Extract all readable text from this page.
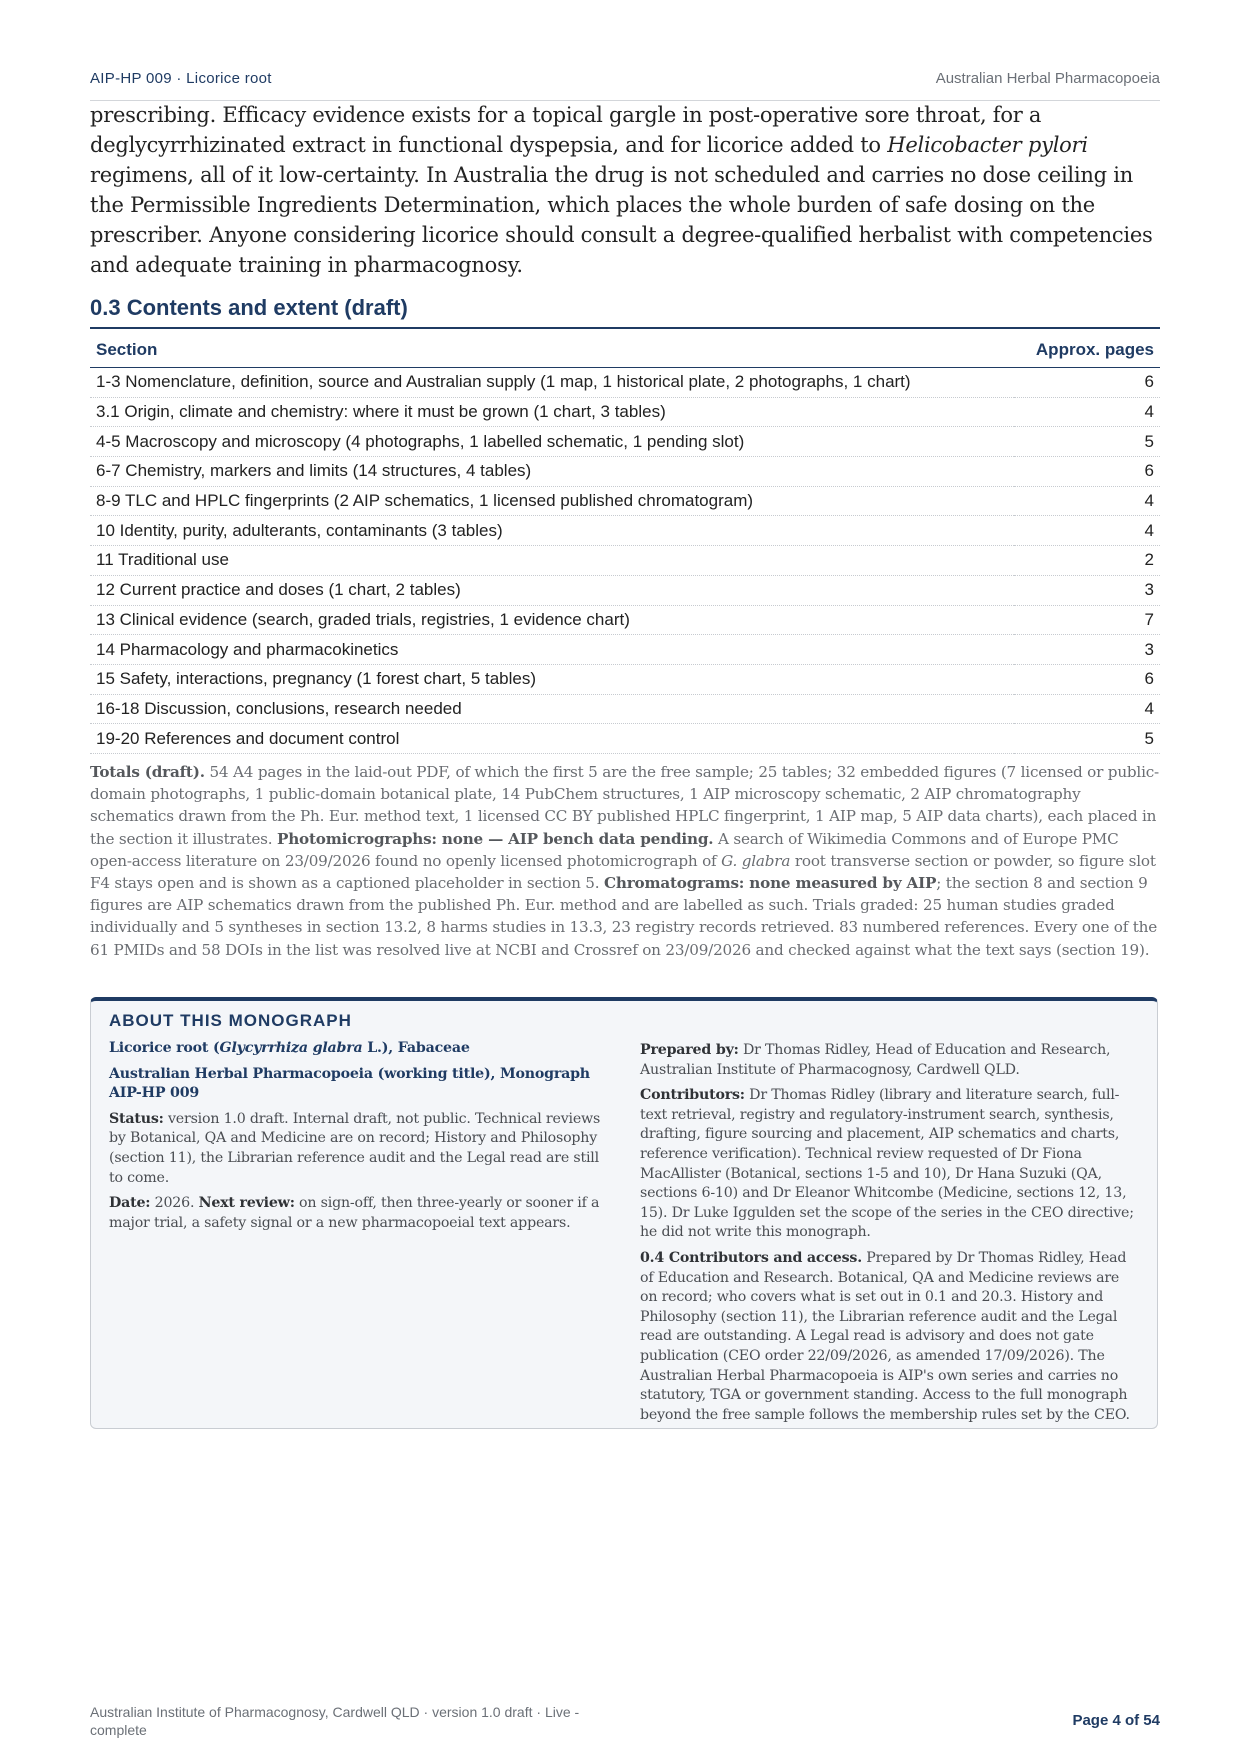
AIP-HP 009 · Licorice root	Australian Herbal Pharmacopoeia

prescribing. Efficacy evidence exists for a topical gargle in post-operative sore throat, for a deglycyrrhizinated extract in functional dyspepsia, and for licorice added to Helicobacter pylori regimens, all of it low-certainty. In Australia the drug is not scheduled and carries no dose ceiling in the Permissible Ingredients Determination, which places the whole burden of safe dosing on the prescriber. Anyone considering licorice should consult a degree-qualified herbalist with competencies and adequate training in pharmacognosy.

0.3 Contents and extent (draft)
Section	Approx. pages
1-3 Nomenclature, definition, source and Australian supply (1 map, 1 historical plate, 2 photographs, 1 chart)	6
3.1 Origin, climate and chemistry: where it must be grown (1 chart, 3 tables)	4
4-5 Macroscopy and microscopy (4 photographs, 1 labelled schematic, 1 pending slot)	5
6-7 Chemistry, markers and limits (14 structures, 4 tables)	6
8-9 TLC and HPLC fingerprints (2 AIP schematics, 1 licensed published chromatogram)	4
10 Identity, purity, adulterants, contaminants (3 tables)	4
11 Traditional use	2
12 Current practice and doses (1 chart, 2 tables)	3
13 Clinical evidence (search, graded trials, registries, 1 evidence chart)	7
14 Pharmacology and pharmacokinetics	3
15 Safety, interactions, pregnancy (1 forest chart, 5 tables)	6
16-18 Discussion, conclusions, research needed	4
19-20 References and document control	5

Totals (draft). 54 A4 pages in the laid-out PDF, of which the first 5 are the free sample; 25 tables; 32 embedded figures (7 licensed or public-domain photographs, 1 public-domain botanical plate, 14 PubChem structures, 1 AIP microscopy schematic, 2 AIP chromatography schematics drawn from the Ph. Eur. method text, 1 licensed CC BY published HPLC fingerprint, 1 AIP map, 5 AIP data charts), each placed in the section it illustrates. Photomicrographs: none — AIP bench data pending. A search of Wikimedia Commons and of Europe PMC open-access literature on 23/09/2026 found no openly licensed photomicrograph of G. glabra root transverse section or powder, so figure slot F4 stays open and is shown as a captioned placeholder in section 5. Chromatograms: none measured by AIP; the section 8 and section 9 figures are AIP schematics drawn from the published Ph. Eur. method and are labelled as such. Trials graded: 25 human studies graded individually and 5 syntheses in section 13.2, 8 harms studies in 13.3, 23 registry records retrieved. 83 numbered references. Every one of the 61 PMIDs and 58 DOIs in the list was resolved live at NCBI and Crossref on 23/09/2026 and checked against what the text says (section 19).

ABOUT THIS MONOGRAPH

Licorice root (Glycyrrhiza glabra L.), Fabaceae

Australian Herbal Pharmacopoeia (working title), Monograph AIP-HP 009

Status: version 1.0 draft. Internal draft, not public. Technical reviews by Botanical, QA and Medicine are on record; History and Philosophy (section 11), the Librarian reference audit and the Legal read are still to come.

Date: 2026. Next review: on sign-off, then three-yearly or sooner if a major trial, a safety signal or a new pharmacopoeial text appears.

Prepared by: Dr Thomas Ridley, Head of Education and Research, Australian Institute of Pharmacognosy, Cardwell QLD.

Contributors: Dr Thomas Ridley (library and literature search, full-text retrieval, registry and regulatory-instrument search, synthesis, drafting, figure sourcing and placement, AIP schematics and charts, reference verification). Technical review requested of Dr Fiona MacAllister (Botanical, sections 1-5 and 10), Dr Hana Suzuki (QA, sections 6-10) and Dr Eleanor Whitcombe (Medicine, sections 12, 13, 15). Dr Luke Iggulden set the scope of the series in the CEO directive; he did not write this monograph.

0.4 Contributors and access. Prepared by Dr Thomas Ridley, Head of Education and Research. Botanical, QA and Medicine reviews are on record; who covers what is set out in 0.1 and 20.3. History and Philosophy (section 11), the Librarian reference audit and the Legal read are outstanding. A Legal read is advisory and does not gate publication (CEO order 22/09/2026, as amended 17/09/2026). The Australian Herbal Pharmacopoeia is AIP's own series and carries no statutory, TGA or government standing. Access to the full monograph beyond the free sample follows the membership rules set by the CEO.

Australian Institute of Pharmacognosy, Cardwell QLD · version 1.0 draft · Live - complete
Page 4 of 54
